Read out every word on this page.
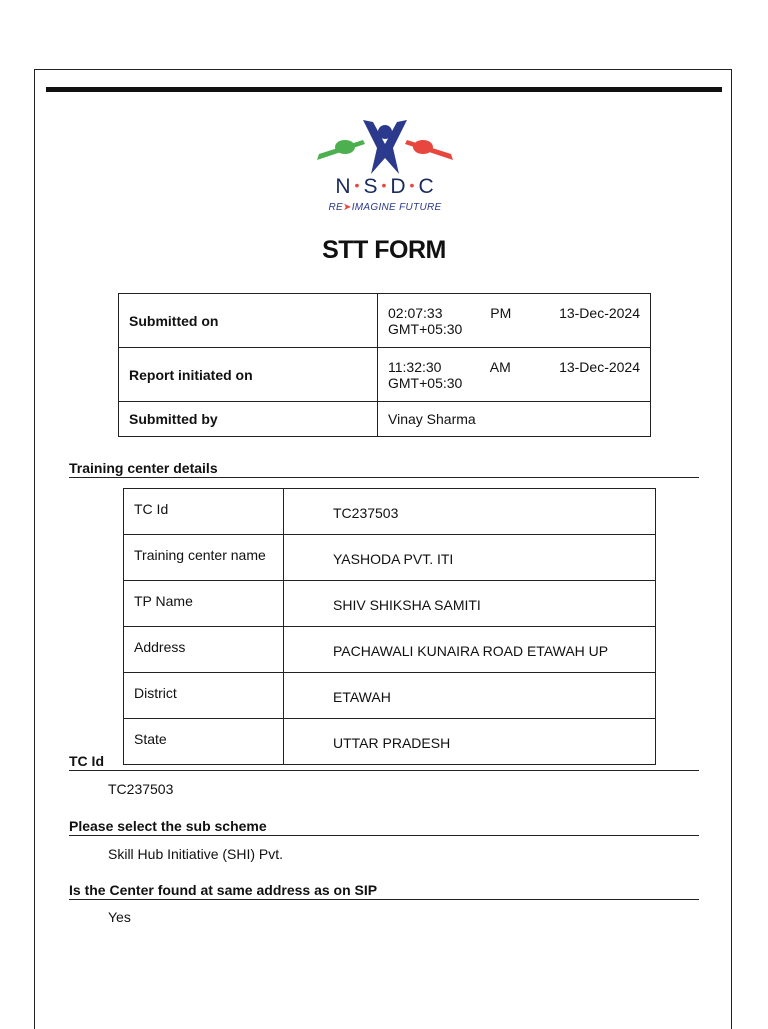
N • S • D • C
RE➤IMAGINE FUTURE
STT FORM
Submitted on	02:07:33 PM 13-Dec-2024
GMT+05:30

Report initiated on	11:32:30 AM 13-Dec-2024
GMT+05:30

Submitted by	Vinay Sharma
Training center details
TC Id	TC237503
Training center name	YASHODA PVT. ITI
TP Name	SHIV SHIKSHA SAMITI
Address	PACHAWALI KUNAIRA ROAD ETAWAH UP
District	ETAWAH
State	UTTAR PRADESH
TC Id
TC237503
Please select the sub scheme
Skill Hub Initiative (SHI) Pvt.
Is the Center found at same address as on SIP
Yes
